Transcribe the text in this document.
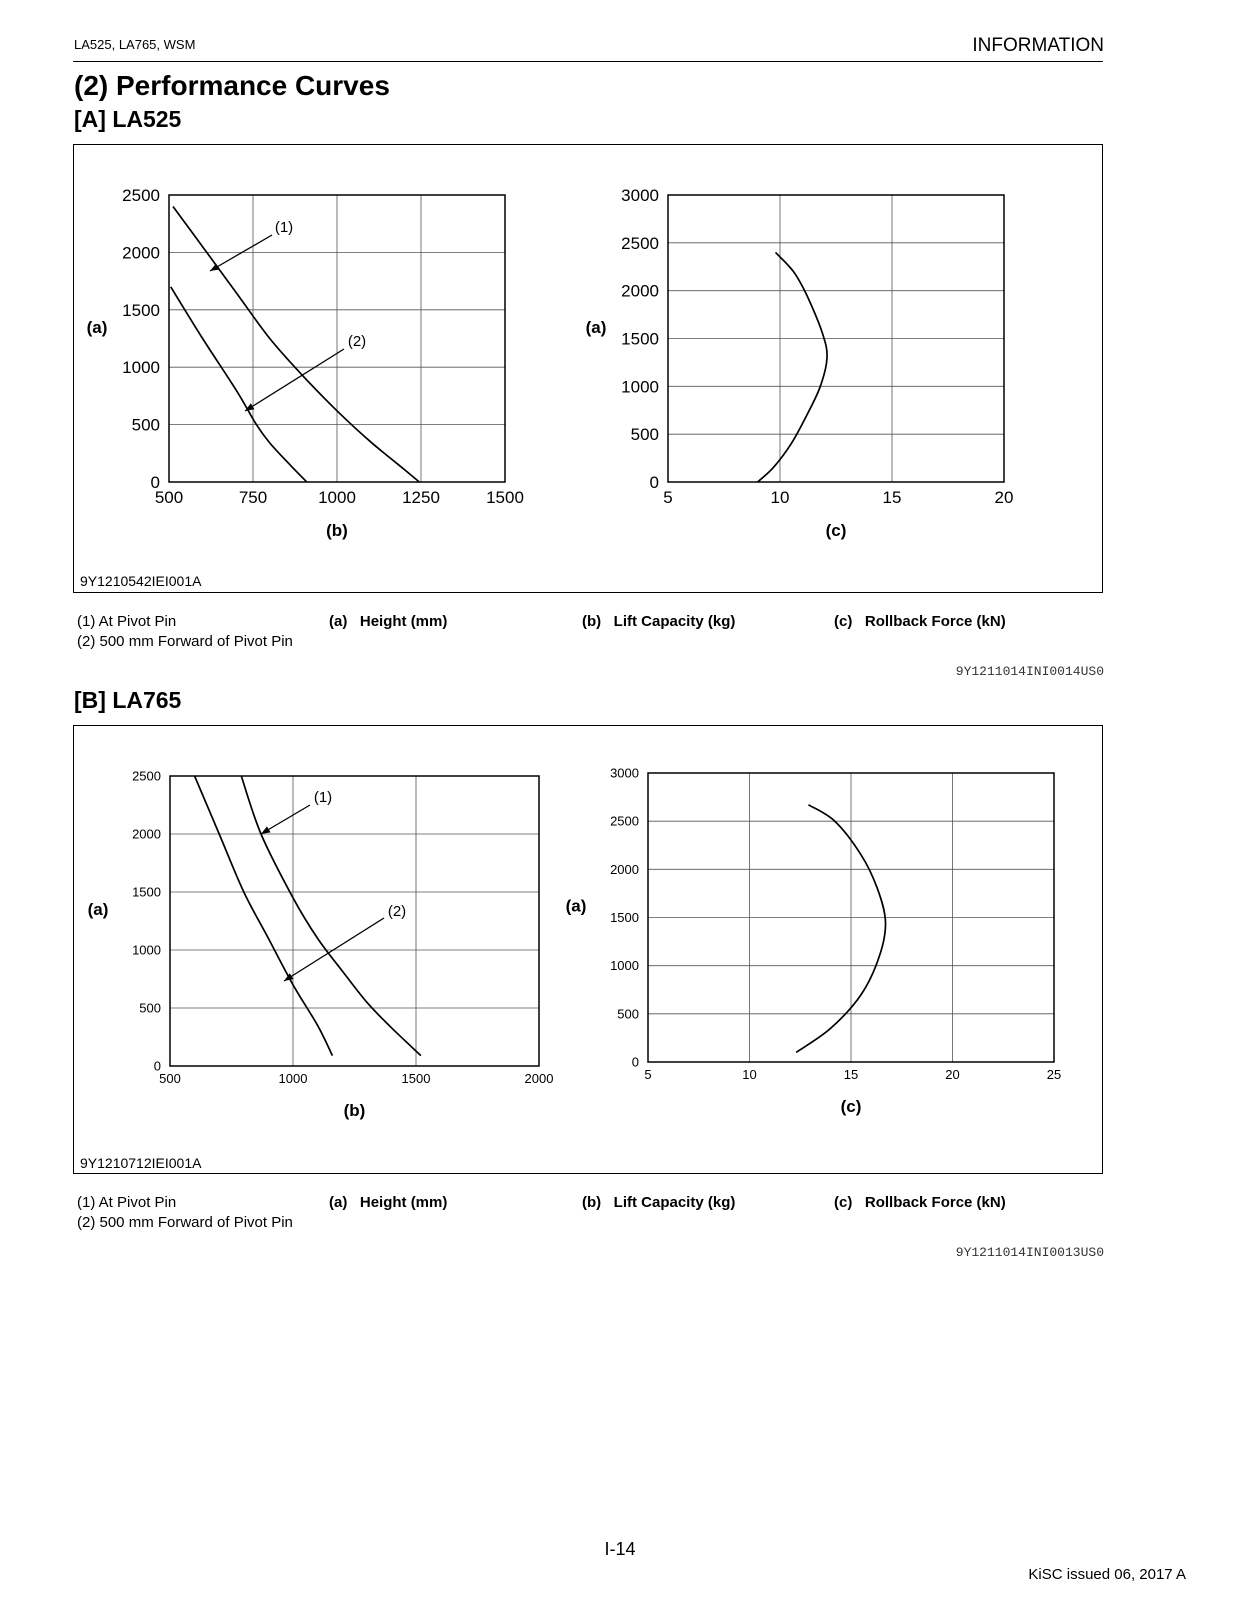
LA525, LA765, WSM	INFORMATION
(2) Performance Curves
[A] LA525
500	750	1000	1250	1500
0
500
1000
1500
2000
2500
(b)
(a)
(1)
(2)
5	10	15	20
0
500
1000
1500
2000
2500
3000
(c)
(a)
9Y1210542IEI001A
(1) At Pivot Pin
(2) 500 mm Forward of Pivot Pin
(a) Height (mm)	(b) Lift Capacity (kg)	(c) Rollback Force (kN)
9Y1211014INI0014US0
[B] LA765
500	1000	1500	2000
0
500
1000
1500
2000
2500
(b)
(a)
(1)
(2)
5	10	15	20	25
0
500
1000
1500
2000
2500
3000
(c)
(a)
9Y1210712IEI001A
(1) At Pivot Pin
(2) 500 mm Forward of Pivot Pin
(a) Height (mm)	(b) Lift Capacity (kg)	(c) Rollback Force (kN)
9Y1211014INI0013US0
I-14
KiSC issued 06, 2017 A
